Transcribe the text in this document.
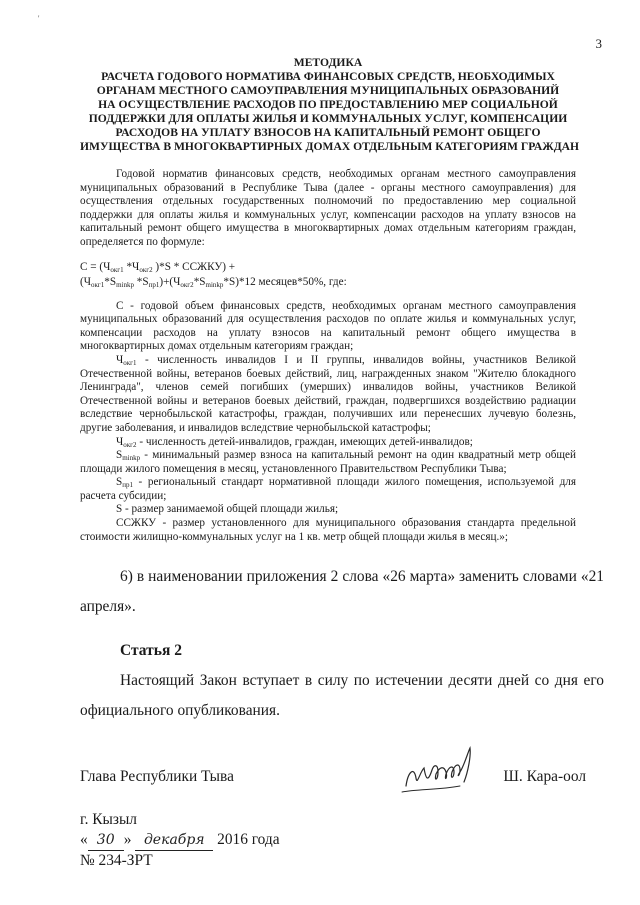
'
3
МЕТОДИКА
РАСЧЕТА ГОДОВОГО НОРМАТИВА ФИНАНСОВЫХ СРЕДСТВ, НЕОБХОДИМЫХ
ОРГАНАМ МЕСТНОГО САМОУПРАВЛЕНИЯ МУНИЦИПАЛЬНЫХ ОБРАЗОВАНИЙ
НА ОСУЩЕСТВЛЕНИЕ РАСХОДОВ ПО ПРЕДОСТАВЛЕНИЮ МЕР СОЦИАЛЬНОЙ
ПОДДЕРЖКИ ДЛЯ ОПЛАТЫ ЖИЛЬЯ И КОММУНАЛЬНЫХ УСЛУГ, КОМПЕНСАЦИИ
РАСХОДОВ НА УПЛАТУ ВЗНОСОВ НА КАПИТАЛЬНЫЙ РЕМОНТ ОБЩЕГО
ИМУЩЕСТВА В МНОГОКВАРТИРНЫХ ДОМАХ ОТДЕЛЬНЫМ КАТЕГОРИЯМ ГРАЖДАН

Годовой норматив финансовых средств, необходимых органам местного самоуправления муниципальных образований в Республике Тыва (далее - органы местного самоуправления) для осуществления отдельных государственных полномочий по предоставлению мер социальной поддержки для оплаты жилья и коммунальных услуг, компенсации расходов на уплату взносов на капитальный ремонт общего имущества в многоквартирных домах отдельным категориям граждан, определяется по формуле:

$С = (Ч_{окг1}$ $*Ч_{окг2}$ )*S * ССЖКУ) +
($Ч_{окг1}*S_{minkp}$ $*S_{пр1})+(Ч_{окг2}*S_{minkp}*S)*12$ месяцев*50%, где:

С - годовой объем финансовых средств, необходимых органам местного самоуправления муниципальных образований для осуществления расходов по оплате жилья и коммунальных услуг, компенсации расходов на уплату взносов на капитальный ремонт общего имущества в многоквартирных домах отдельным категориям граждан;

$Ч_{окг1}$ - численность инвалидов I и II группы, инвалидов войны, участников Великой Отечественной войны, ветеранов боевых действий, лиц, награжденных знаком "Жителю блокадного Ленинграда", членов семей погибших (умерших) инвалидов войны, участников Великой Отечественной войны и ветеранов боевых действий, граждан, подвергшихся воздействию радиации вследствие чернобыльской катастрофы, граждан, получивших или перенесших лучевую болезнь, другие заболевания, и инвалидов вследствие чернобыльской катастрофы;

$Ч_{окг2}$ - численность детей-инвалидов, граждан, имеющих детей-инвалидов;

$S_{minkp}$ - минимальный размер взноса на капитальный ремонт на один квадратный метр общей площади жилого помещения в месяц, установленного Правительством Республики Тыва;

$S_{пр1}$ - региональный стандарт нормативной площади жилого помещения, используемой для расчета субсидии;

S - размер занимаемой общей площади жилья;

ССЖКУ - размер установленного для муниципального образования стандарта предельной стоимости жилищно-коммунальных услуг на 1 кв. метр общей площади жилья в месяц.»;

6) в наименовании приложения 2 слова «26 марта» заменить словами «21 апреля».

Статья 2

Настоящий Закон вступает в силу по истечении десяти дней со дня его официального опубликования.

Глава Республики Тыва	Ш. Кара-оол
г. Кызыл
« 30 » декабря 2016 года
№ 234-ЗРТ
